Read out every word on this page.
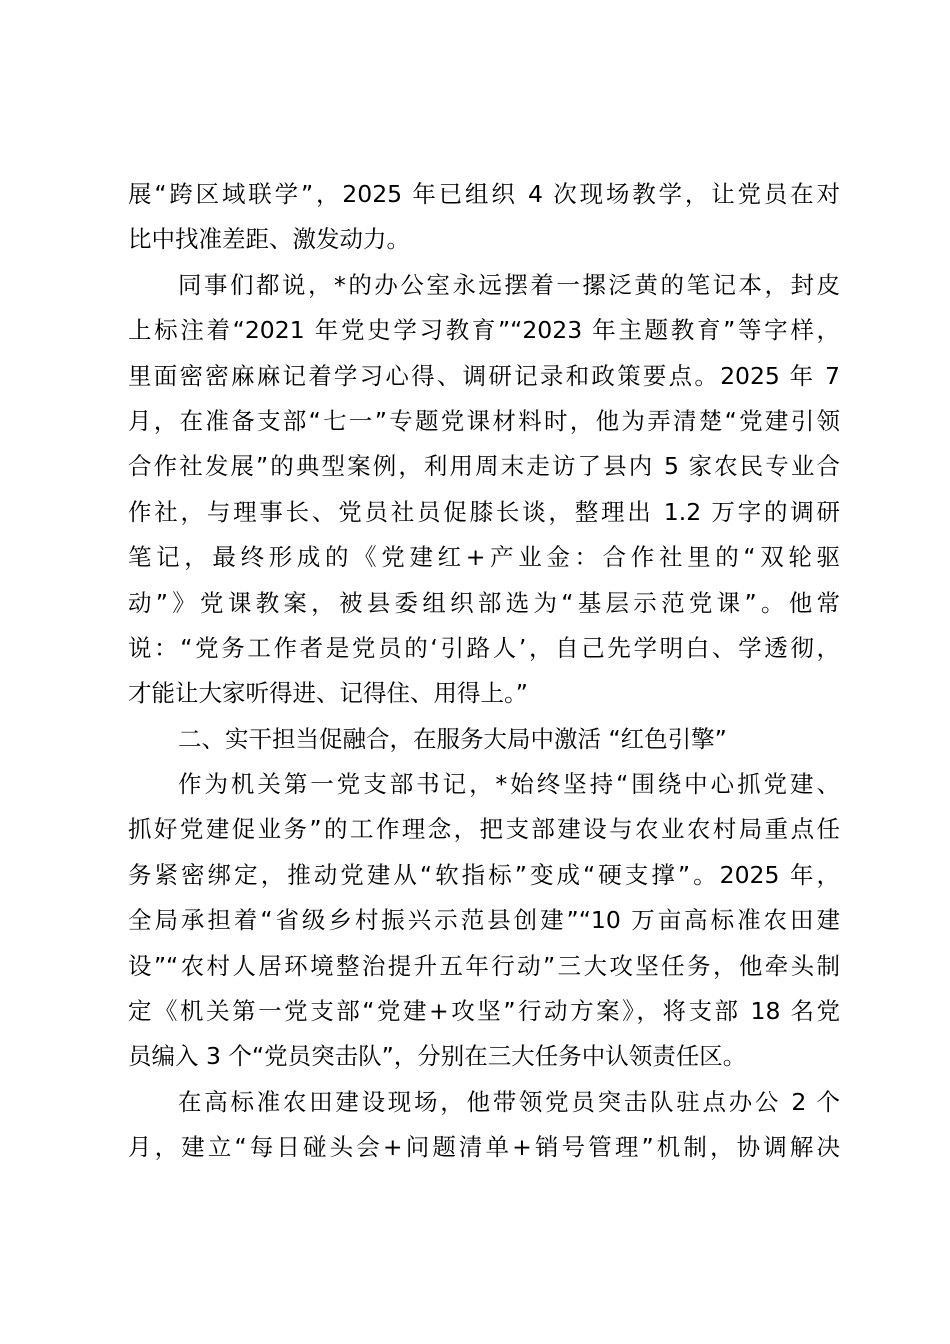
展“跨区域联学”，2025 年已组织 4 次现场教学，让党员在对
比中找准差距、激发动力。
同事们都说，*的办公室永远摆着一摞泛黄的笔记本，封皮
上标注着“2021 年党史学习教育”“2023 年主题教育”等字样，
里面密密麻麻记着学习心得、调研记录和政策要点。2025 年 7
月，在准备支部“七一”专题党课材料时，他为弄清楚“党建引领
合作社发展”的典型案例，利用周末走访了县内 5 家农民专业合
作社，与理事长、党员社员促膝长谈，整理出 1.2 万字的调研
笔记，最终形成的《党建红+产业金：合作社里的“双轮驱
动”》党课教案，被县委组织部选为“基层示范党课”。他常
说：“党务工作者是党员的‘引路人’，自己先学明白、学透彻，
才能让大家听得进、记得住、用得上。”
二、实干担当促融合，在服务大局中激活 “红色引擎”
作为机关第一党支部书记，*始终坚持“围绕中心抓党建、
抓好党建促业务”的工作理念，把支部建设与农业农村局重点任
务紧密绑定，推动党建从“软指标”变成“硬支撑”。2025 年，
全局承担着“省级乡村振兴示范县创建”“10 万亩高标准农田建
设”“农村人居环境整治提升五年行动”三大攻坚任务，他牵头制
定《机关第一党支部“党建+攻坚”行动方案》，将支部 18 名党
员编入 3 个“党员突击队”，分别在三大任务中认领责任区。
在高标准农田建设现场，他带领党员突击队驻点办公 2 个
月，建立“每日碰头会+问题清单+销号管理”机制，协调解决
